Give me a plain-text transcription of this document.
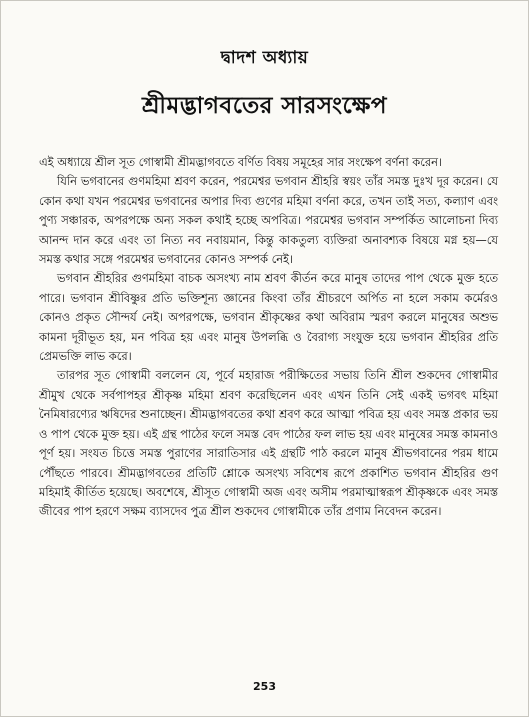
দ্বাদশ অধ্যায়
শ্রীমদ্ভাগবতের সারসংক্ষেপ

এই অধ্যায়ে শ্রীল সূত গোস্বামী শ্রীমদ্ভাগবতে বর্ণিত বিষয় সমূহের সার সংক্ষেপ বর্ণনা করেন।

যিনি ভগবানের গুণমহিমা শ্রবণ করেন, পরমেশ্বর ভগবান শ্রীহরি স্বয়ং তাঁর সমস্ত দুঃখ দূর করেন। যে কোন কথা যখন পরমেশ্বর ভগবানের অপার দিব্য গুণের মহিমা বর্ণনা করে, তখন তাই সত্য, কল্যাণ এবং পুণ্য সঞ্চারক, অপরপক্ষে অন্য সকল কথাই হচ্ছে অপবিত্র। পরমেশ্বর ভগবান সম্পর্কিত আলোচনা দিব্য আনন্দ দান করে এবং তা নিত্য নব নবায়মান, কিন্তু কাকতুল্য ব্যক্তিরা অনাবশ্যক বিষয়ে মগ্ন হয়—যে সমস্ত কথার সঙ্গে পরমেশ্বর ভগবানের কোনও সম্পর্ক নেই।

ভগবান শ্রীহরির গুণমহিমা বাচক অসংখ্য নাম শ্রবণ কীর্তন করে মানুষ তাদের পাপ থেকে মুক্ত হতে পারে। ভগবান শ্রীবিষ্ণুর প্রতি ভক্তিশূন্য জ্ঞানের কিংবা তাঁর শ্রীচরণে অর্পিত না হলে সকাম কর্মেরও কোনও প্রকৃত সৌন্দর্য নেই। অপরপক্ষে, ভগবান শ্রীকৃষ্ণের কথা অবিরাম স্মরণ করলে মানুষের অশুভ কামনা দূরীভূত হয়, মন পবিত্র হয় এবং মানুষ উপলব্ধি ও বৈরাগ্য সংযুক্ত হয়ে ভগবান শ্রীহরির প্রতি প্রেমভক্তি লাভ করে।

তারপর সূত গোস্বামী বললেন যে, পূর্বে মহারাজ পরীক্ষিতের সভায় তিনি শ্রীল শুকদেব গোস্বামীর শ্রীমুখ থেকে সর্বপাপহর শ্রীকৃষ্ণ মহিমা শ্রবণ করেছিলেন এবং এখন তিনি সেই একই ভগবৎ মহিমা নৈমিষারণ্যের ঋষিদের শুনাচ্ছেন। শ্রীমদ্ভাগবতের কথা শ্রবণ করে আত্মা পবিত্র হয় এবং সমস্ত প্রকার ভয় ও পাপ থেকে মুক্ত হয়। এই গ্রন্থ পাঠের ফলে সমস্ত বেদ পাঠের ফল লাভ হয় এবং মানুষের সমস্ত কামনাও পূর্ণ হয়। সংযত চিত্তে সমস্ত পুরাণের সারাতিসার এই গ্রন্থটি পাঠ করলে মানুষ শ্রীভগবানের পরম ধামে পৌঁছতে পারবে। শ্রীমদ্ভাগবতের প্রতিটি শ্লোকে অসংখ্য সবিশেষ রূপে প্রকাশিত ভগবান শ্রীহরির গুণ মহিমাই কীর্তিত হয়েছে। অবশেষে, শ্রীসূত গোস্বামী অজ এবং অসীম পরমাত্মাস্বরূপ শ্রীকৃষ্ণকে এবং সমস্ত জীবের পাপ হরণে সক্ষম ব্যাসদেব পুত্র শ্রীল শুকদেব গোস্বামীকে তাঁর প্রণাম নিবেদন করেন।

253
